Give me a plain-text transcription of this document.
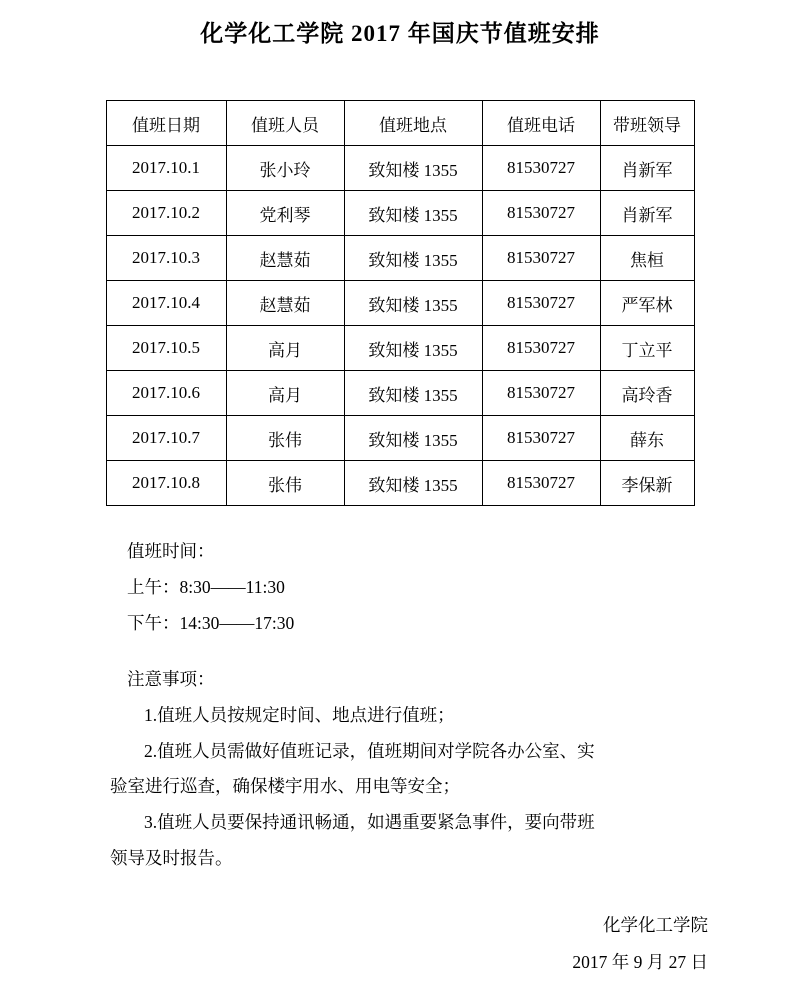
化学化工学院 2017 年国庆节值班安排
值班日期	值班人员	值班地点	值班电话	带班领导
2017.10.1	张小玲	致知楼 1355	81530727	肖新军
2017.10.2	党利琴	致知楼 1355	81530727	肖新军
2017.10.3	赵慧茹	致知楼 1355	81530727	焦桓
2017.10.4	赵慧茹	致知楼 1355	81530727	严军林
2017.10.5	高月	致知楼 1355	81530727	丁立平
2017.10.6	高月	致知楼 1355	81530727	高玲香
2017.10.7	张伟	致知楼 1355	81530727	薛东
2017.10.8	张伟	致知楼 1355	81530727	李保新

值班时间：

上午：8:30——11:30

下午：14:30——17:30

注意事项：

1.值班人员按规定时间、地点进行值班；

2.值班人员需做好值班记录，值班期间对学院各办公室、实

验室进行巡查，确保楼宇用水、用电等安全；

3.值班人员要保持通讯畅通，如遇重要紧急事件，要向带班

领导及时报告。

化学化工学院

2017 年 9 月 27 日
